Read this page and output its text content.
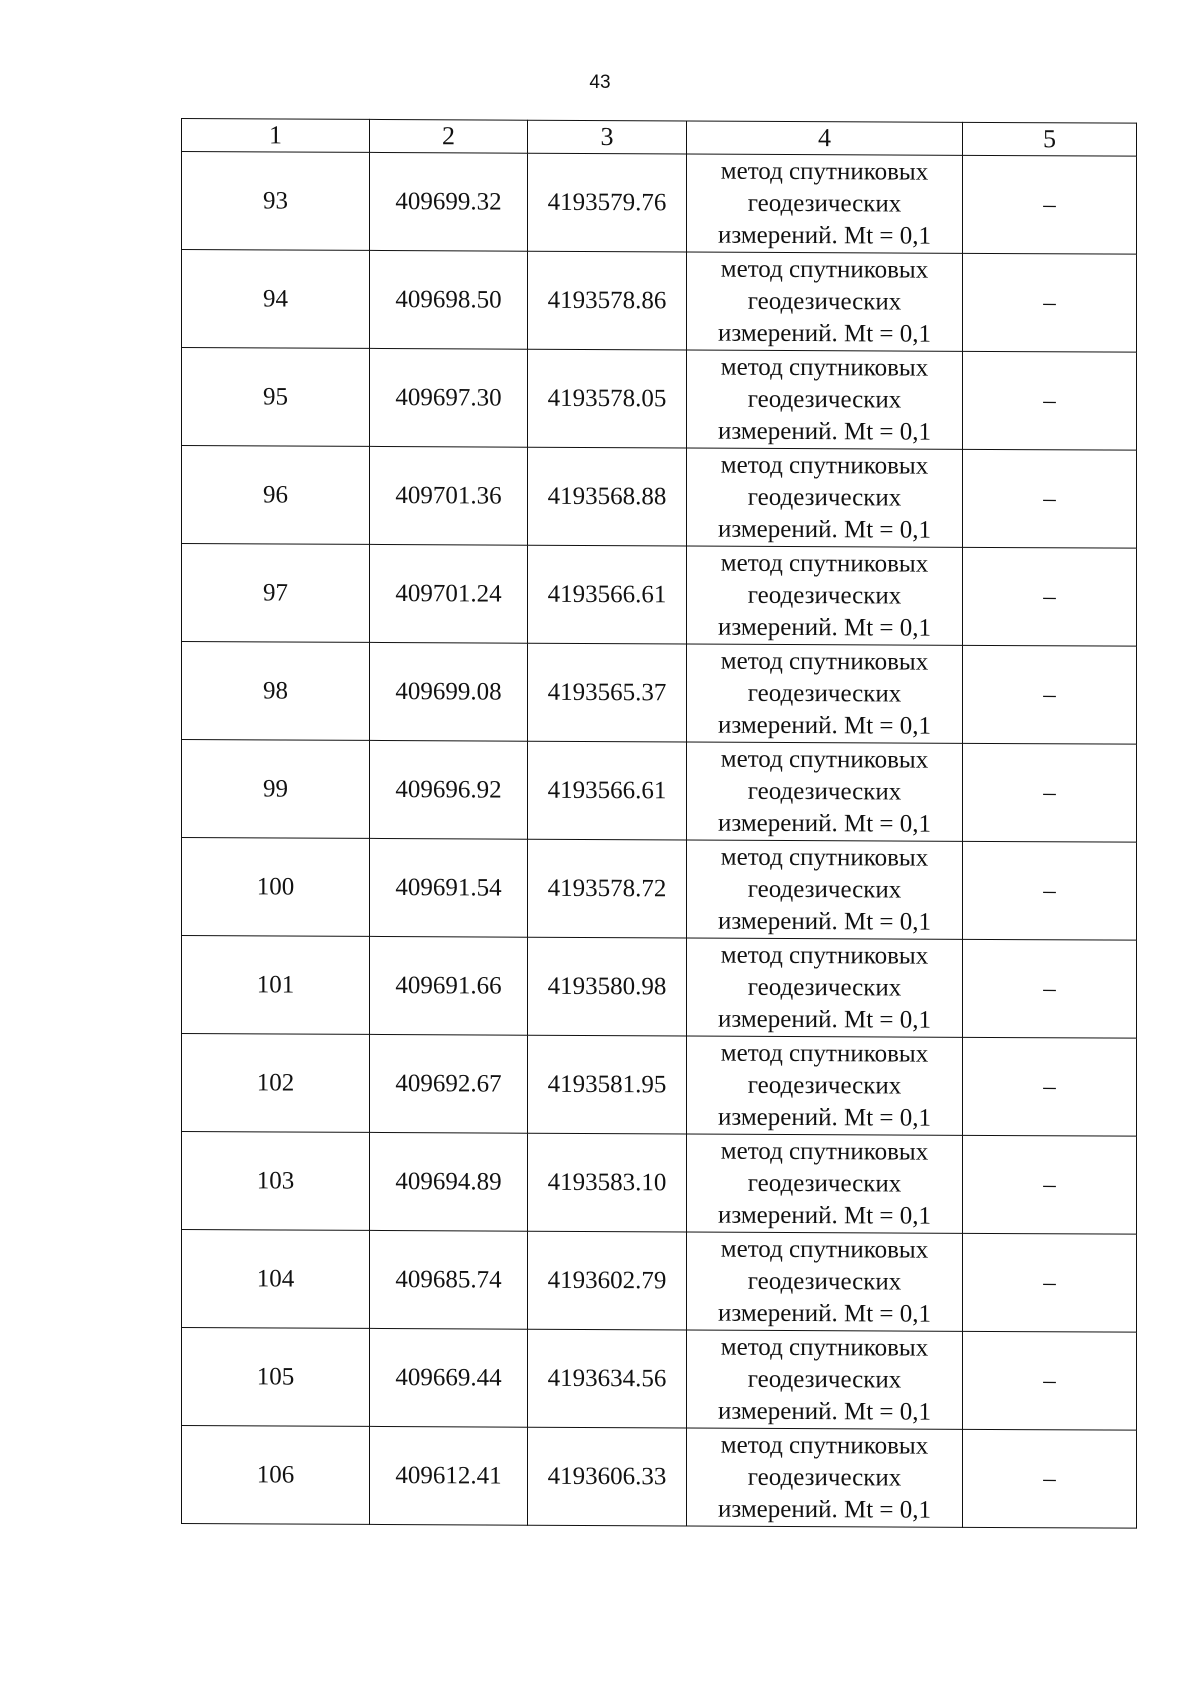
43
1	2	3	4	5
93	409699.32	4193579.76	метод спутниковых
геодезических
измерений. Mt = 0,1	–
94	409698.50	4193578.86	метод спутниковых
геодезических
измерений. Mt = 0,1	–
95	409697.30	4193578.05	метод спутниковых
геодезических
измерений. Mt = 0,1	–
96	409701.36	4193568.88	метод спутниковых
геодезических
измерений. Mt = 0,1	–
97	409701.24	4193566.61	метод спутниковых
геодезических
измерений. Mt = 0,1	–
98	409699.08	4193565.37	метод спутниковых
геодезических
измерений. Mt = 0,1	–
99	409696.92	4193566.61	метод спутниковых
геодезических
измерений. Mt = 0,1	–
100	409691.54	4193578.72	метод спутниковых
геодезических
измерений. Mt = 0,1	–
101	409691.66	4193580.98	метод спутниковых
геодезических
измерений. Mt = 0,1	–
102	409692.67	4193581.95	метод спутниковых
геодезических
измерений. Mt = 0,1	–
103	409694.89	4193583.10	метод спутниковых
геодезических
измерений. Mt = 0,1	–
104	409685.74	4193602.79	метод спутниковых
геодезических
измерений. Mt = 0,1	–
105	409669.44	4193634.56	метод спутниковых
геодезических
измерений. Mt = 0,1	–
106	409612.41	4193606.33	метод спутниковых
геодезических
измерений. Mt = 0,1	–
